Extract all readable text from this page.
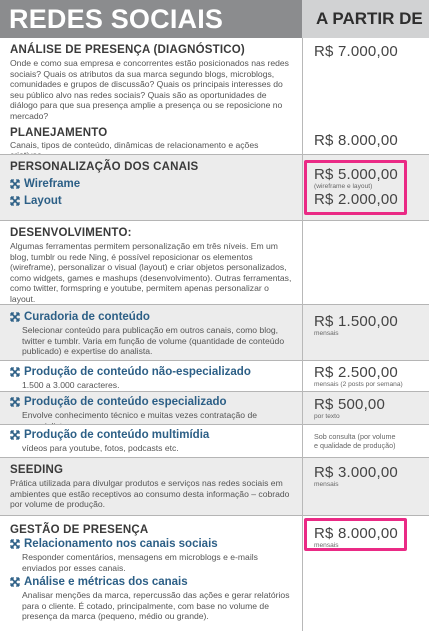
REDES SOCIAIS	A PARTIR DE
ANÁLISE DE PRESENÇA (DIAGNÓSTICO)
Onde e como sua empresa e concorrentes estão posicionados nas redes sociais? Quais os atributos da sua marca segundo blogs, microblogs, comunidades e grupos de discussão? Quais os principais interesses do seu público alvo nas redes sociais? Quais são as oportunidades de diálogo para que sua presença amplie a presença ou se reposicione no mercado?
PLANEJAMENTO
Canais, tipos de conteúdo, dinâmicas de relacionamento e ações
R$ 7.000,00
R$ 8.000,00
PERSONALIZAÇÃO DOS CANAIS
Wireframe
Layout
R$ 5.000,00
(wireframe e layout)
R$ 2.000,00
DESENVOLVIMENTO:
Algumas ferramentas permitem personalização em três níveis. Em um blog, tumblr ou rede Ning, é possível reposicionar os elementos (wireframe), personalizar o visual (layout) e criar objetos personalizados, como widgets, games e mashups (desenvolvimento). Outras ferramentas, como twitter, formspring e youtube, permitem apenas personalizar o layout.
Curadoria de conteúdo
Selecionar conteúdo para publicação em outros canais, como blog, twitter e tumblr. Varia em função de volume (quantidade de conteúdo publicado) e expertise do analista.
R$ 1.500,00
mensais
Produção de conteúdo não-especializado
1.500 a 3.000 caracteres.
R$ 2.500,00
mensais (2 posts por semana)
Produção de conteúdo especializado
Envolve conhecimento técnico e muitas vezes contratação de
R$ 500,00
por texto
Produção de conteúdo multimídia
vídeos para youtube, fotos, podcasts etc.
Sob consulta (por volume
e qualidade de produção)
SEEDING
Prática utilizada para divulgar produtos e serviços nas redes sociais em ambientes que estão receptivos ao consumo desta informação – cobrado por volume de produção.
R$ 3.000,00
mensais
GESTÃO DE PRESENÇA
Relacionamento nos canais sociais
Responder comentários, mensagens em microblogs e e-mails enviados por esses canais.
Análise e métricas dos canais
Analisar menções da marca, repercussão das ações e gerar relatórios para o cliente. É cotado, principalmente, com base no volume de presença da marca (pequeno, médio ou grande).
R$ 8.000,00
mensais
